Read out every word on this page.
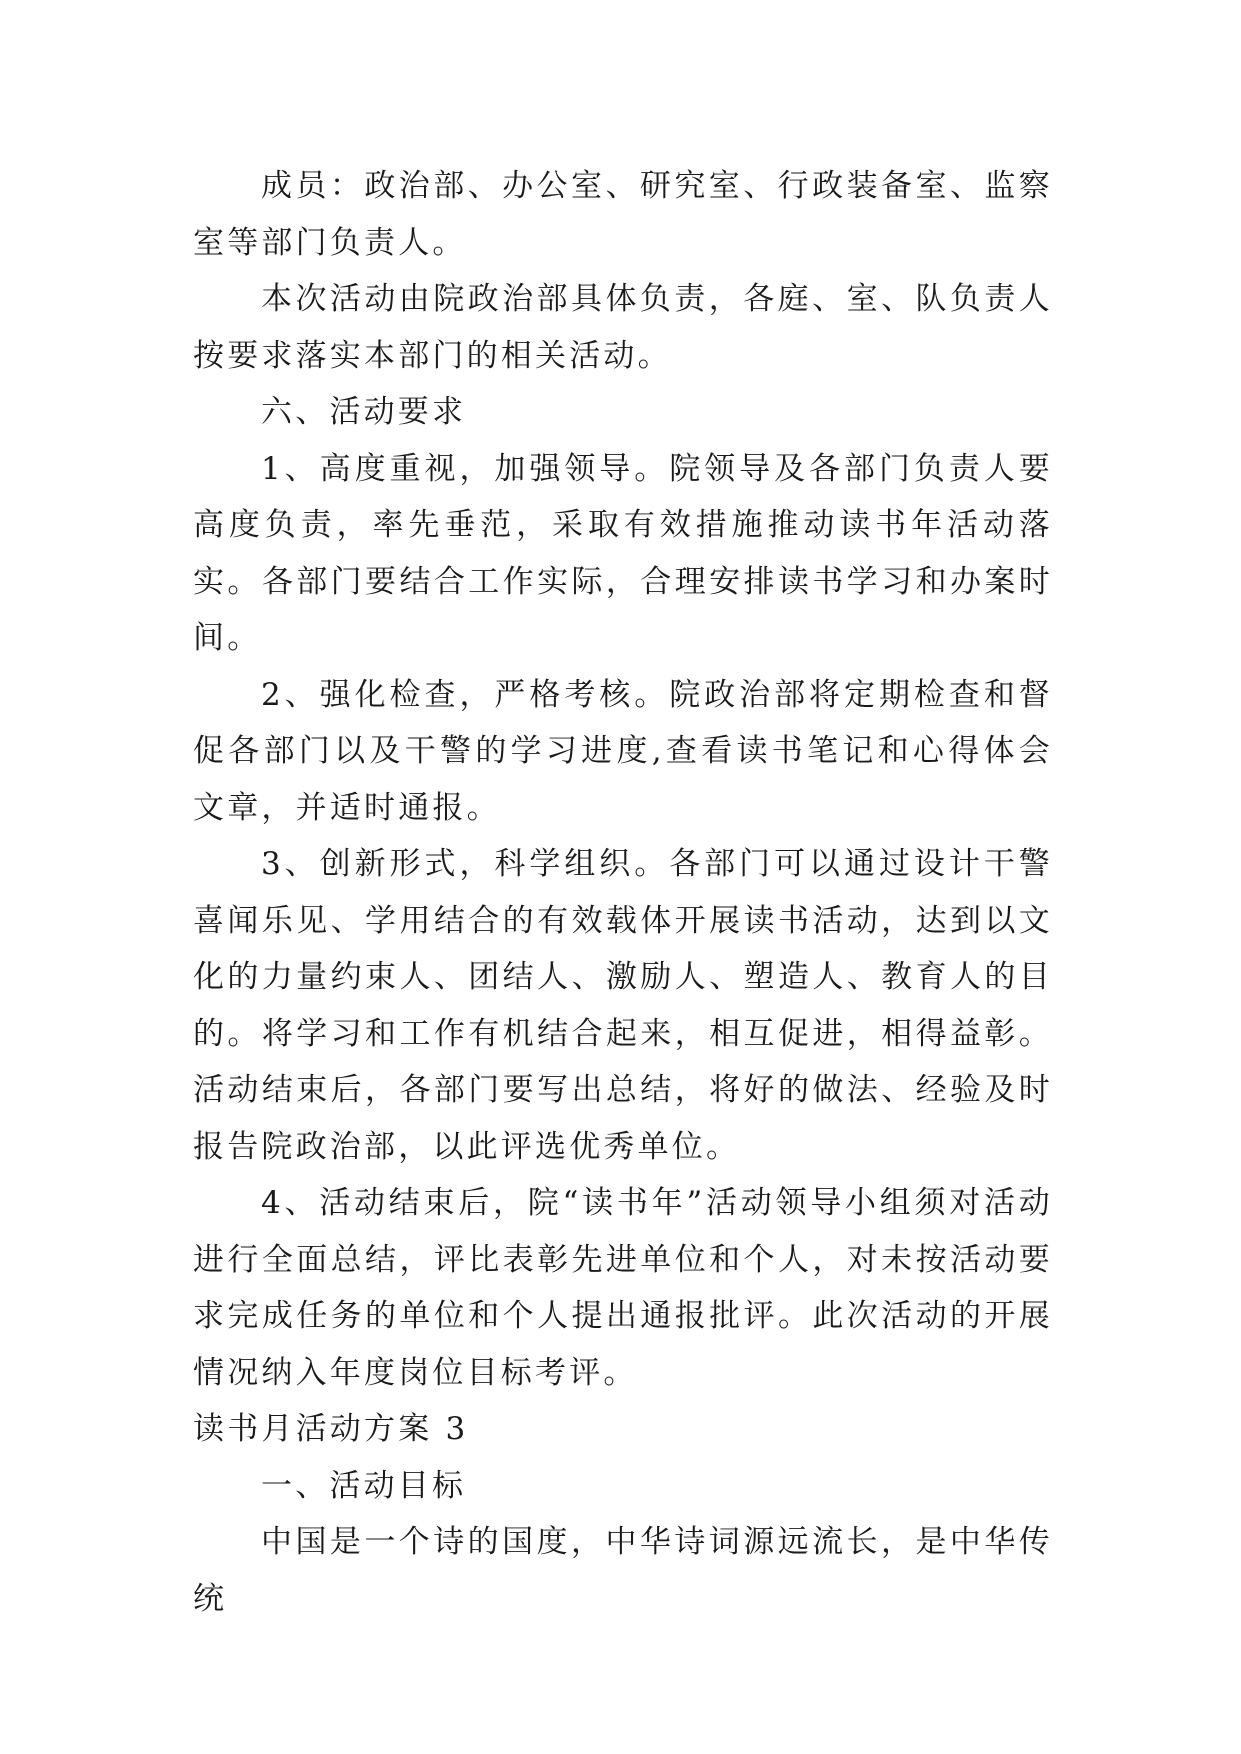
成员：政治部、办公室、研究室、行政装备室、监察室等部门负责人。

本次活动由院政治部具体负责，各庭、室、队负责人按要求落实本部门的相关活动。

六、活动要求

1、高度重视，加强领导。院领导及各部门负责人要高度负责，率先垂范，采取有效措施推动读书年活动落实。各部门要结合工作实际，合理安排读书学习和办案时间。

2、强化检查，严格考核。院政治部将定期检查和督促各部门以及干警的学习进度,查看读书笔记和心得体会文章，并适时通报。

3、创新形式，科学组织。各部门可以通过设计干警喜闻乐见、学用结合的有效载体开展读书活动，达到以文化的力量约束人、团结人、激励人、塑造人、教育人的目的。将学习和工作有机结合起来，相互促进，相得益彰。活动结束后，各部门要写出总结，将好的做法、经验及时报告院政治部，以此评选优秀单位。

4、活动结束后，院“读书年”活动领导小组须对活动进行全面总结，评比表彰先进单位和个人，对未按活动要求完成任务的单位和个人提出通报批评。此次活动的开展情况纳入年度岗位目标考评。

读书月活动方案 3

一、活动目标

中国是一个诗的国度，中华诗词源远流长，是中华传统
